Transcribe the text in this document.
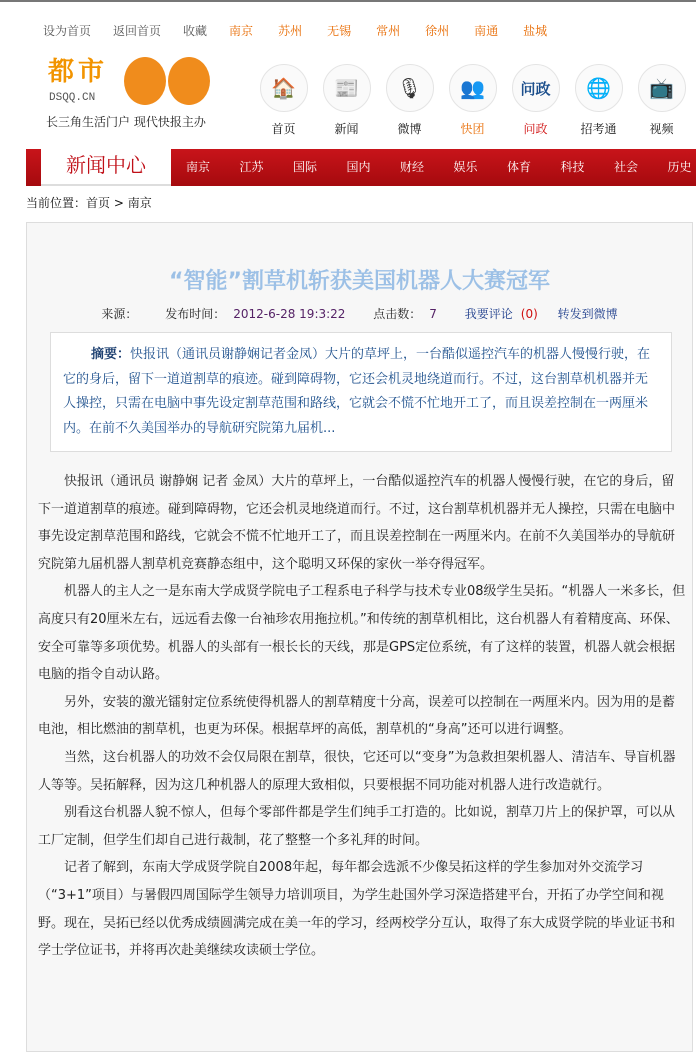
设为首页 返回首页 收藏 南京 苏州 无锡 常州 徐州 南通 盐城
都市
DSQQ.CN
长三角生活门户 现代快报主办
🏠
首页
📰
新闻
🎙
微博
👥
快团
问政
问政
🌐
招考通
📺
视频
新闻中心	南京	江苏	国际	国内	财经	娱乐	体育	科技	社会	历史
当前位置：首页 > 南京
“智能”割草机斩获美国机器人大赛冠军
来源： 发布时间： 2012-6-28 19:3:22 点击数： 7 我要评论 (0) 转发到微博
摘要：快报讯（通讯员谢静娴记者金凤）大片的草坪上，一台酷似遥控汽车的机器人慢慢行驶，在它的身后，留下一道道割草的痕迹。碰到障碍物，它还会机灵地绕道而行。不过，这台割草机机器并无人操控，只需在电脑中事先设定割草范围和路线，它就会不慌不忙地开工了，而且误差控制在一两厘米内。在前不久美国举办的导航研究院第九届机...

快报讯（通讯员 谢静娴 记者 金凤）大片的草坪上，一台酷似遥控汽车的机器人慢慢行驶，在它的身后，留下一道道割草的痕迹。碰到障碍物，它还会机灵地绕道而行。不过，这台割草机机器并无人操控，只需在电脑中事先设定割草范围和路线，它就会不慌不忙地开工了，而且误差控制在一两厘米内。在前不久美国举办的导航研究院第九届机器人割草机竞赛静态组中，这个聪明又环保的家伙一举夺得冠军。

机器人的主人之一是东南大学成贤学院电子工程系电子科学与技术专业08级学生吴拓。“机器人一米多长，但高度只有20厘米左右，远远看去像一台袖珍农用拖拉机。”和传统的割草机相比，这台机器人有着精度高、环保、安全可靠等多项优势。机器人的头部有一根长长的天线，那是GPS定位系统，有了这样的装置，机器人就会根据电脑的指令自动认路。

另外，安装的激光镭射定位系统使得机器人的割草精度十分高，误差可以控制在一两厘米内。因为用的是蓄电池，相比燃油的割草机，也更为环保。根据草坪的高低，割草机的“身高”还可以进行调整。

当然，这台机器人的功效不会仅局限在割草，很快，它还可以“变身”为急救担架机器人、清洁车、导盲机器人等等。吴拓解释，因为这几种机器人的原理大致相似，只要根据不同功能对机器人进行改造就行。

别看这台机器人貌不惊人，但每个零部件都是学生们纯手工打造的。比如说，割草刀片上的保护罩，可以从工厂定制，但学生们却自己进行裁制，花了整整一个多礼拜的时间。

记者了解到，东南大学成贤学院自2008年起，每年都会选派不少像吴拓这样的学生参加对外交流学习（“3+1”项目）与暑假四周国际学生领导力培训项目，为学生赴国外学习深造搭建平台，开拓了办学空间和视野。现在，吴拓已经以优秀成绩圆满完成在美一年的学习，经两校学分互认，取得了东大成贤学院的毕业证书和学士学位证书，并将再次赴美继续攻读硕士学位。
